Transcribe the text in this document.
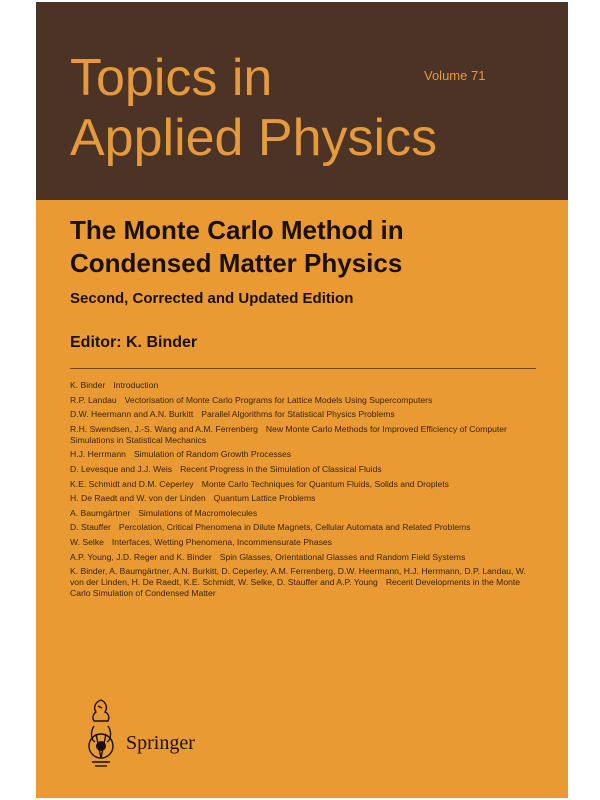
Topics in
Applied Physics
Volume 71
The Monte Carlo Method in
Condensed Matter Physics
Second, Corrected and Updated Edition
Editor: K. Binder
K. Binder Introduction
R.P. Landau Vectorisation of Monte Carlo Programs for Lattice Models Using Supercomputers
D.W. Heermann and A.N. Burkitt Parallel Algorithms for Statistical Physics Problems
R.H. Swendsen, J.-S. Wang and A.M. Ferrenberg New Monte Carlo Methods for Improved Efficiency of Computer Simulations in Statistical Mechanics
H.J. Herrmann Simulation of Random Growth Processes
D. Levesque and J.J. Weis Recent Progress in the Simulation of Classical Fluids
K.E. Schmidt and D.M. Ceperley Monte Carlo Techniques for Quantum Fluids, Solids and Droplets
H. De Raedt and W. von der Linden Quantum Lattice Problems
A. Baumgärtner Simulations of Macromolecules
D. Stauffer Percolation, Critical Phenomena in Dilute Magnets, Cellular Automata and Related Problems
W. Selke Interfaces, Wetting Phenomena, Incommensurate Phases
A.P. Young, J.D. Reger and K. Binder Spin Glasses, Orientational Glasses and Random Field Systems
K. Binder, A. Baumgärtner, A.N. Burkitt, D. Ceperley, A.M. Ferrenberg, D.W. Heermann, H.J. Herrmann, D.P. Landau, W. von der Linden, H. De Raedt, K.E. Schmidt, W. Selke, D. Stauffer and A.P. Young Recent Developments in the Monte Carlo Simulation of Condensed Matter
Springer
